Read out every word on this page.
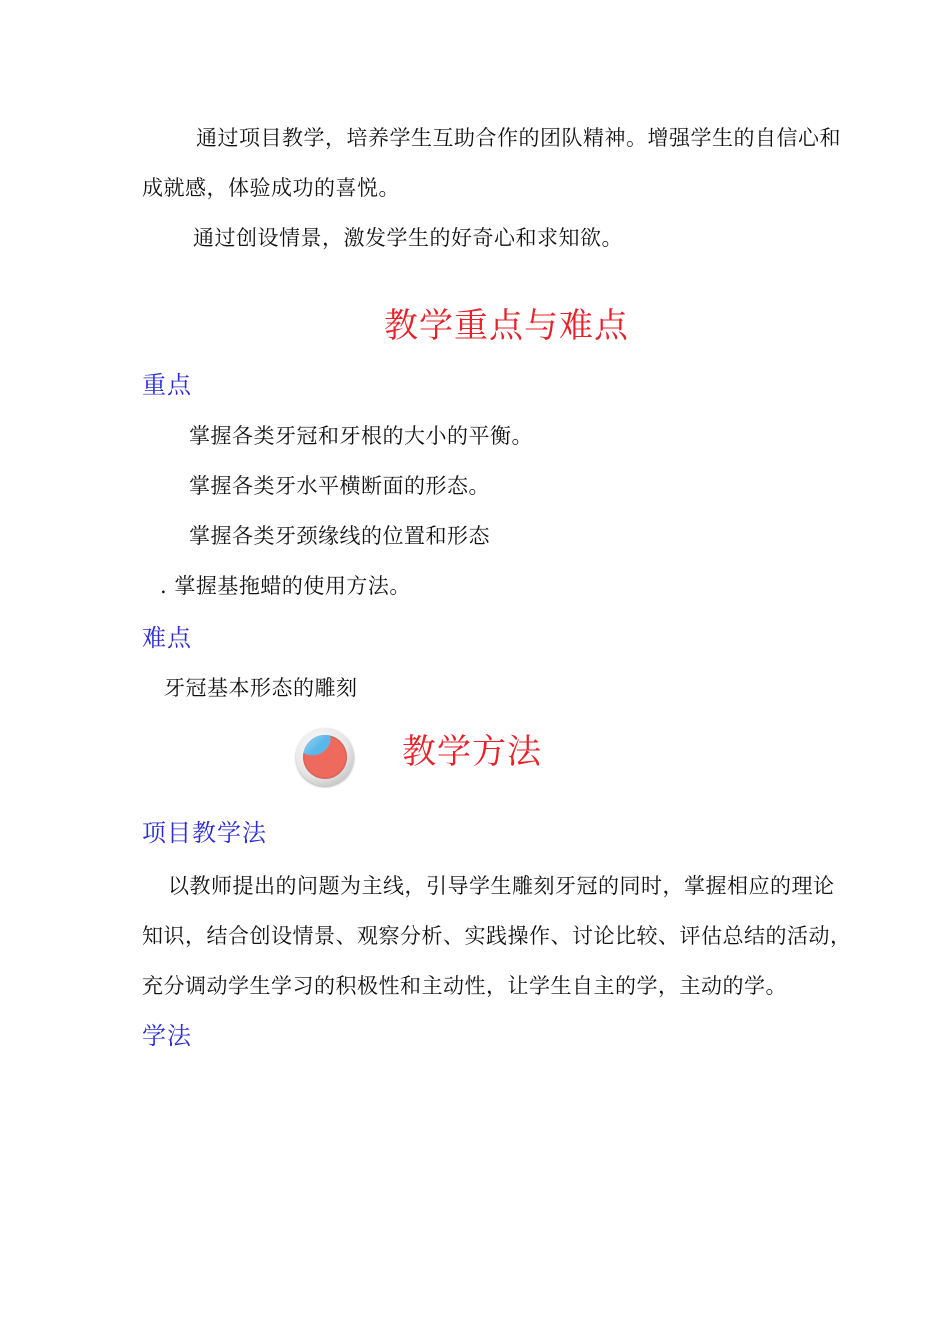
通过项目教学，培养学生互助合作的团队精神。增强学生的自信心和
成就感，体验成功的喜悦。
通过创设情景，激发学生的好奇心和求知欲。
教学重点与难点
重点
掌握各类牙冠和牙根的大小的平衡。
掌握各类牙水平横断面的形态。
掌握各类牙颈缘线的位置和形态
. 掌握基拖蜡的使用方法。
难点
牙冠基本形态的雕刻
教学方法
项目教学法
以教师提出的问题为主线，引导学生雕刻牙冠的同时，掌握相应的理论
知识，结合创设情景、观察分析、实践操作、讨论比较、评估总结的活动，
充分调动学生学习的积极性和主动性，让学生自主的学，主动的学。
学法
